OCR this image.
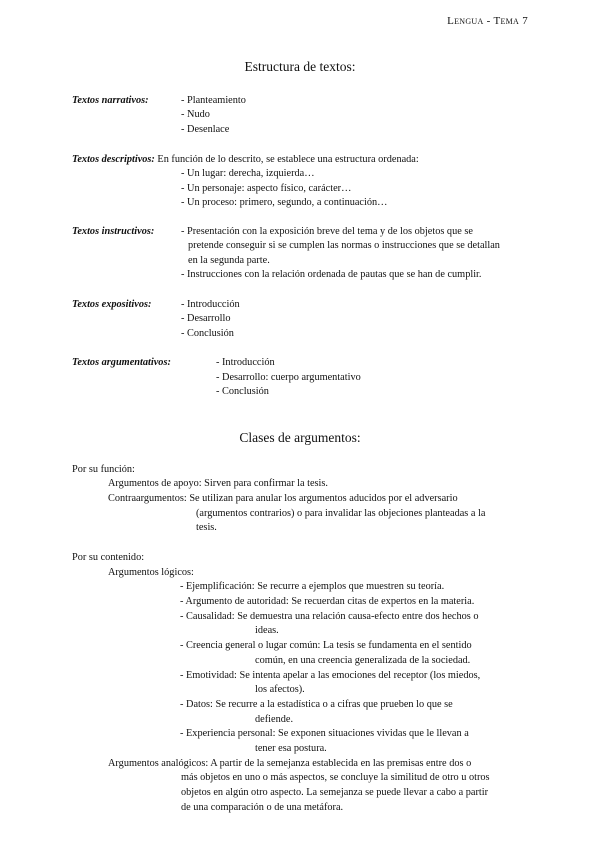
Lengua - Tema 7
Estructura de textos:
Textos narrativos:	- Planteamiento
- Nudo
- Desenlace
Textos descriptivos: En función de lo descrito, se establece una estructura ordenada:
- Un lugar: derecha, izquierda…
- Un personaje: aspecto físico, carácter…
- Un proceso: primero, segundo, a continuación…
Textos instructivos:	- Presentación con la exposición breve del tema y de los objetos que se
pretende conseguir si se cumplen las normas o instrucciones que se detallan
en la segunda parte.
- Instrucciones con la relación ordenada de pautas que se han de cumplir.
Textos expositivos:	- Introducción
- Desarrollo
- Conclusión
Textos argumentativos:	- Introducción
- Desarrollo: cuerpo argumentativo
- Conclusión
Clases de argumentos:
Por su función:
Argumentos de apoyo: Sirven para confirmar la tesis.
Contraargumentos: Se utilizan para anular los argumentos aducidos por el adversario
(argumentos contrarios) o para invalidar las objeciones planteadas a la
tesis.
Por su contenido:
Argumentos lógicos:
- Ejemplificación: Se recurre a ejemplos que muestren su teoría.
- Argumento de autoridad: Se recuerdan citas de expertos en la materia.
- Causalidad: Se demuestra una relación causa-efecto entre dos hechos o
ideas.
- Creencia general o lugar común: La tesis se fundamenta en el sentido
común, en una creencia generalizada de la sociedad.
- Emotividad: Se intenta apelar a las emociones del receptor (los miedos,
los afectos).
- Datos: Se recurre a la estadística o a cifras que prueben lo que se
defiende.
- Experiencia personal: Se exponen situaciones vividas que le llevan a
tener esa postura.
Argumentos analógicos: A partir de la semejanza establecida en las premisas entre dos o
más objetos en uno o más aspectos, se concluye la similitud de otro u otros
objetos en algún otro aspecto. La semejanza se puede llevar a cabo a partir
de una comparación o de una metáfora.
